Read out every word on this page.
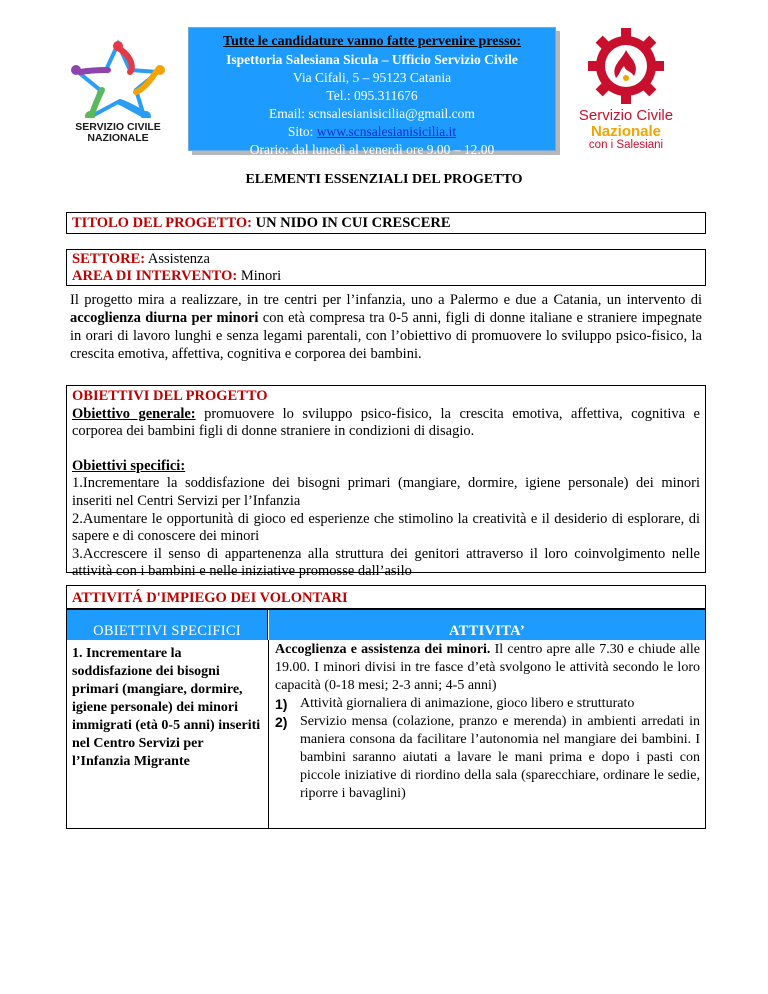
SERVIZIO CIVILE
NAZIONALE
Tutte le candidature vanno fatte pervenire presso:
Ispettoria Salesiana Sicula – Ufficio Servizio Civile
Via Cifali, 5 – 95123 Catania
Tel.: 095.311676
Email: scnsalesianisicilia@gmail.com
Sito: www.scnsalesianisicilia.it
Orario: dal lunedì al venerdì ore 9.00 – 12.00
Servizio Civile
Nazionale
con i Salesiani
ELEMENTI ESSENZIALI DEL PROGETTO
TITOLO DEL PROGETTO: UN NIDO IN CUI CRESCERE
SETTORE: Assistenza
AREA DI INTERVENTO: Minori
Il progetto mira a realizzare, in tre centri per l’infanzia, uno a Palermo e due a Catania, un intervento di accoglienza diurna per minori con età compresa tra 0-5 anni, figli di donne italiane e straniere impegnate in orari di lavoro lunghi e senza legami parentali, con l’obiettivo di promuovere lo sviluppo psico-fisico, la crescita emotiva, affettiva, cognitiva e corporea dei bambini.

OBIETTIVI DEL PROGETTO

Obiettivo generale: promuovere lo sviluppo psico-fisico, la crescita emotiva, affettiva, cognitiva e corporea dei bambini figli di donne straniere in condizioni di disagio.

Obiettivi specifici:

1.Incrementare la soddisfazione dei bisogni primari (mangiare, dormire, igiene personale) dei minori inseriti nel Centri Servizi per l’Infanzia

2.Aumentare le opportunità di gioco ed esperienze che stimolino la creatività e il desiderio di esplorare, di sapere e di conoscere dei minori

3.Accrescere il senso di appartenenza alla struttura dei genitori attraverso il loro coinvolgimento nelle attività con i bambini e nelle iniziative promosse dall’asilo

ATTIVITÁ D'IMPIEGO DEI VOLONTARI
OBIETTIVI SPECIFICI	ATTIVITA’
1. Incrementare la soddisfazione dei bisogni primari (mangiare, dormire, igiene personale) dei minori immigrati (età 0-5 anni) inseriti nel Centro Servizi per l’Infanzia Migrante
Accoglienza e assistenza dei minori. Il centro apre alle 7.30 e chiude alle 19.00. I minori divisi in tre fasce d’età svolgono le attività secondo le loro capacità (0-18 mesi; 2-3 anni; 4-5 anni)
1) Attività giornaliera di animazione, gioco libero e strutturato
2) Servizio mensa (colazione, pranzo e merenda) in ambienti arredati in maniera consona da facilitare l’autonomia nel mangiare dei bambini. I bambini saranno aiutati a lavare le mani prima e dopo i pasti con piccole iniziative di riordino della sala (sparecchiare, ordinare le sedie, riporre i bavaglini)
